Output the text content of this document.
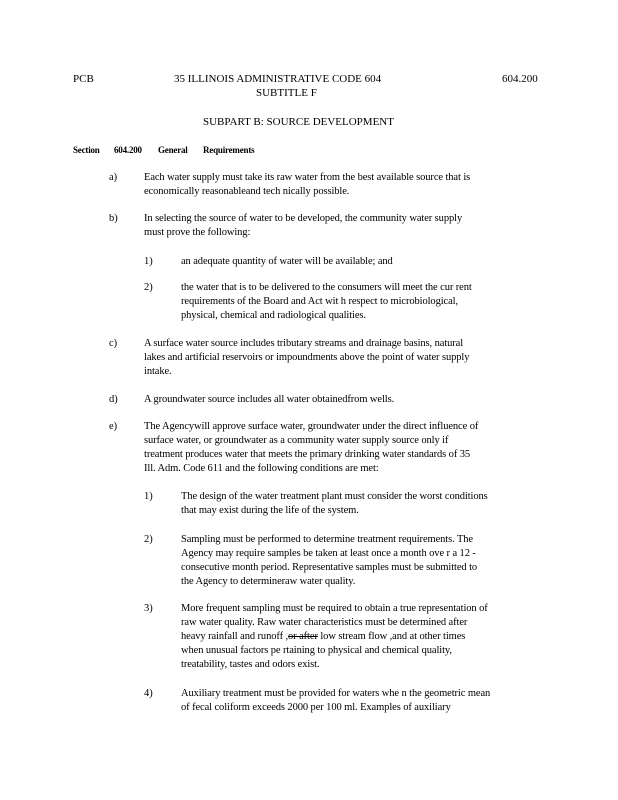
PCB	35 ILLINOIS ADMINISTRATIVE CODE 604
SUBTITLE F
604.200
SUBPART B: SOURCE DEVELOPMENT
Section 604.200 General Requirements
a)	Each water supply must take its raw water from the best available source that is
economically reasonableand tech nically possible.
b)	In selecting the source of water to be developed, the community water supply
must prove the following:
1)	an adequate quantity of water will be available; and
2)	the water that is to be delivered to the consumers will meet the cur rent
requirements of the Board and Act wit h respect to microbiological,
physical, chemical and radiological qualities.
c)	A surface water source includes tributary streams and drainage basins, natural
lakes and artificial reservoirs or impoundments above the point of water supply
intake.
d)	A groundwater source includes all water obtainedfrom wells.
e)	The Agencywill approve surface water, groundwater under the direct influence of
surface water, or groundwater as a community water supply source only if
treatment produces water that meets the primary drinking water standards of 35
Ill. Adm. Code 611 and the following conditions are met:
1)	The design of the water treatment plant must consider the worst conditions
that may exist during the life of the system.
2)	Sampling must be performed to determine treatment requirements. The
Agency may require samples be taken at least once a month ove r a 12 -
consecutive month period. Representative samples must be submitted to
the Agency to determineraw water quality.
3)	More frequent sampling must be required to obtain a true representation of
raw water quality. Raw water characteristics must be determined after
heavy rainfall and runoff ,or after low stream flow ,and at other times
when unusual factors pe rtaining to physical and chemical quality,
treatability, tastes and odors exist.
4)	Auxiliary treatment must be provided for waters whe n the geometric mean
of fecal coliform exceeds 2000 per 100 ml. Examples of auxiliary
